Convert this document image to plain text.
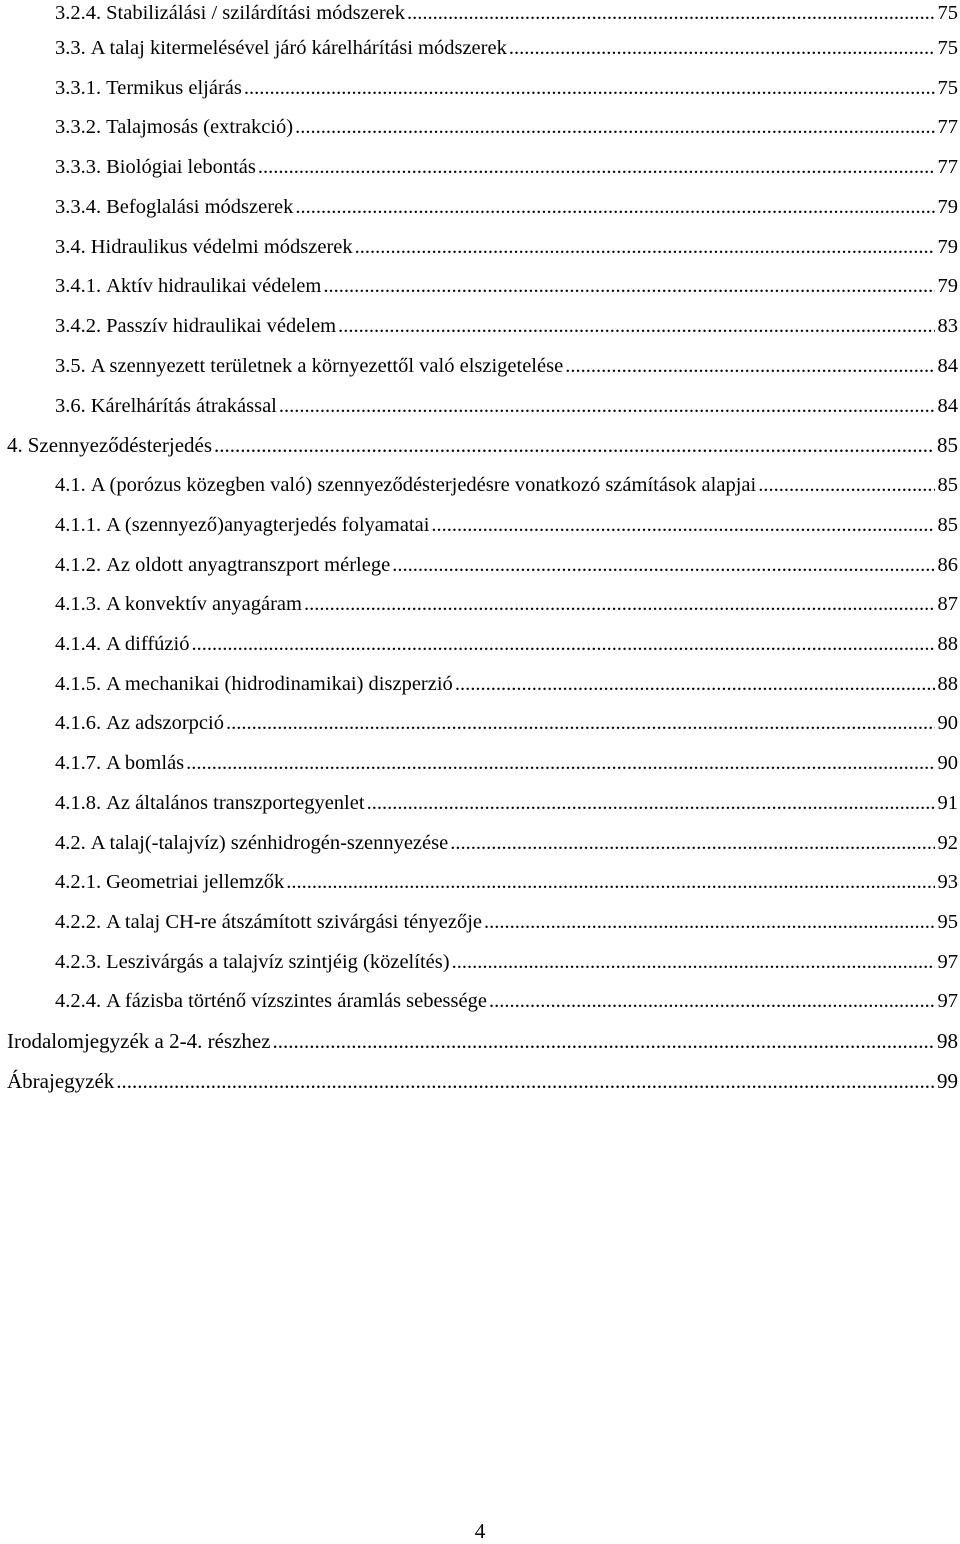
3.2.4. Stabilizálási / szilárdítási módszerek .....	75
3.3. A talaj kitermelésével járó kárelhárítási módszerek .....	75
3.3.1. Termikus eljárás .....	75
3.3.2. Talajmosás (extrakció) .....	77
3.3.3. Biológiai lebontás .....	77
3.3.4. Befoglalási módszerek .....	79
3.4. Hidraulikus védelmi módszerek .....	79
3.4.1. Aktív hidraulikai védelem .....	79
3.4.2. Passzív hidraulikai védelem .....	83
3.5. A szennyezett területnek a környezettől való elszigetelése .....	84
3.6. Kárelhárítás átrakással .....	84
4. Szennyeződésterjedés .....	85
4.1. A (porózus közegben való) szennyeződésterjedésre vonatkozó számítások alapjai .....	85
4.1.1. A (szennyező)anyagterjedés folyamatai .....	85
4.1.2. Az oldott anyagtranszport mérlege .....	86
4.1.3. A konvektív anyagáram .....	87
4.1.4. A diffúzió .....	88
4.1.5. A mechanikai (hidrodinamikai) diszperzió .....	88
4.1.6. Az adszorpció .....	90
4.1.7. A bomlás .....	90
4.1.8. Az általános transzportegyenlet .....	91
4.2. A talaj(-talajvíz) szénhidrogén-szennyezése .....	92
4.2.1. Geometriai jellemzők .....	93
4.2.2. A talaj CH-re átszámított szivárgási tényezője .....	95
4.2.3. Leszivárgás a talajvíz szintjéig (közelítés) .....	97
4.2.4. A fázisba történő vízszintes áramlás sebessége .....	97
Irodalomjegyzék a 2-4. részhez .....	98
Ábrajegyzék .....	99
4
